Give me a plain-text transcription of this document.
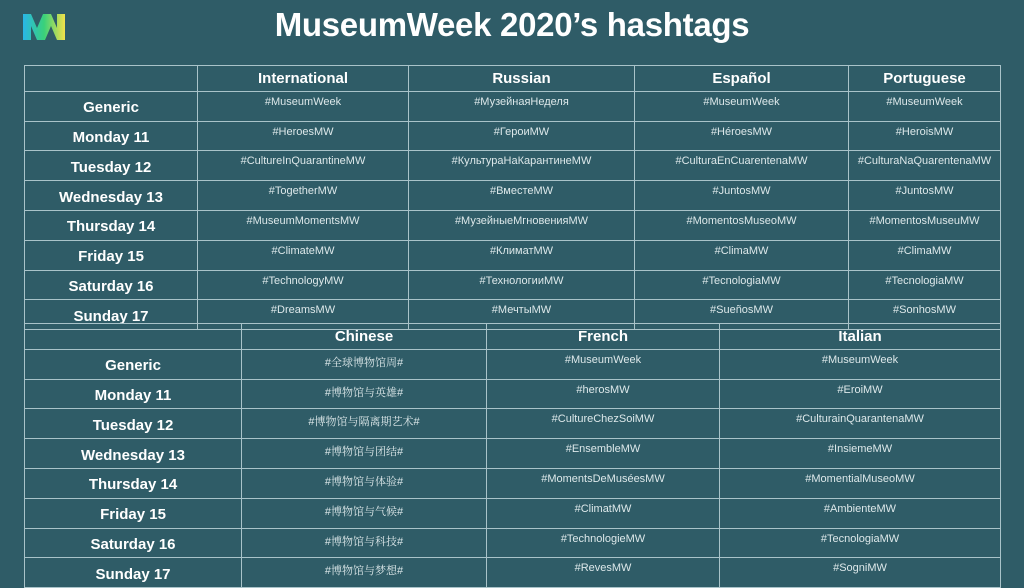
MuseumWeek 2020’s hashtags
	International	Russian	Español	Portuguese
Generic	#MuseumWeek	#МузейнаяНеделя	#MuseumWeek	#MuseumWeek
Monday 11	#HeroesMW	#ГероиMW	#HéroesMW	#HeroisMW
Tuesday 12	#CultureInQuarantineMW	#КультураНаКарантинеMW	#CulturaEnCuarentenaMW	#CulturaNaQuarentenaMW
Wednesday 13	#TogetherMW	#ВместеMW	#JuntosMW	#JuntosMW
Thursday 14	#MuseumMomentsMW	#МузейныеМгновенияMW	#MomentosMuseoMW	#MomentosMuseuMW
Friday 15	#ClimateMW	#КлиматMW	#ClimaMW	#ClimaMW
Saturday 16	#TechnologyMW	#ТехнологииMW	#TecnologiaMW	#TecnologiaMW
Sunday 17	#DreamsMW	#МечтыMW	#SueñosMW	#SonhosMW
	Chinese	French	Italian
Generic	#全球博物馆周#	#MuseumWeek	#MuseumWeek
Monday 11	#博物馆与英雄#	#herosMW	#EroiMW
Tuesday 12	#博物馆与隔离期艺术#	#CultureChezSoiMW	#CulturainQuarantenaMW
Wednesday 13	#博物馆与团结#	#EnsembleMW	#InsiemeMW
Thursday 14	#博物馆与体验#	#MomentsDeMuséesMW	#MomentialMuseoMW
Friday 15	#博物馆与气候#	#ClimatMW	#AmbienteMW
Saturday 16	#博物馆与科技#	#TechnologieMW	#TecnologiaMW
Sunday 17	#博物馆与梦想#	#RevesMW	#SogniMW
